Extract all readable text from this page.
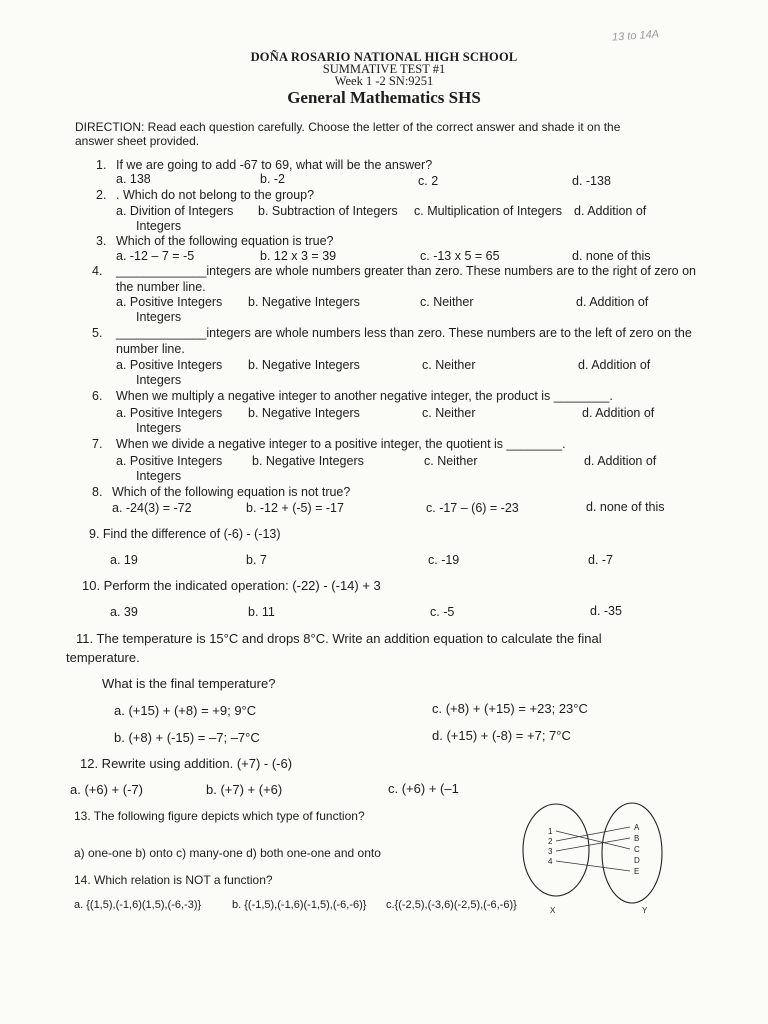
13 to 14A
DOÑA ROSARIO NATIONAL HIGH SCHOOL
SUMMATIVE TEST #1
Week 1 -2 SN:9251
General Mathematics SHS
DIRECTION: Read each question carefully. Choose the letter of the correct answer and shade it on the
answer sheet provided.
1. If we are going to add -67 to 69, what will be the answer?
a. 138	b. -2	c. 2	d. -138
2. . Which do not belong to the group?
a. Divition of Integers b. Subtraction of Integers c. Multiplication of Integers d. Addition of
Integers
3. Which of the following equation is true?
a. -12 – 7 = -5	b. 12 x 3 = 39	c. -13 x 5 = 65	d. none of this
4. _____________integers are whole numbers greater than zero. These numbers are to the right of zero on
the number line.
a. Positive Integers b. Negative Integers	c. Neither	d. Addition of
Integers
5. _____________integers are whole numbers less than zero. These numbers are to the left of zero on the
number line.
a. Positive Integers b. Negative Integers	c. Neither	d. Addition of
Integers
6. When we multiply a negative integer to another negative integer, the product is ________.
a. Positive Integers b. Negative Integers	c. Neither	d. Addition of
Integers
7. When we divide a negative integer to a positive integer, the quotient is ________.
a. Positive Integers b. Negative Integers	c. Neither	d. Addition of
Integers
8. Which of the following equation is not true?
a. -24(3) = -72	b. -12 + (-5) = -17	c. -17 – (6) = -23	d. none of this
9. Find the difference of (-6) - (-13)
a. 19	b. 7	c. -19	d. -7
10. Perform the indicated operation: (-22) - (-14) + 3
a. 39	b. 11	c. -5	d. -35
11. The temperature is 15°C and drops 8°C. Write an addition equation to calculate the final
temperature.
What is the final temperature?
a. (+15) + (+8) = +9; 9°C
b. (+8) + (-15) = –7; –7°C
c. (+8) + (+15) = +23; 23°C
d. (+15) + (-8) = +7; 7°C
12. Rewrite using addition. (+7) - (-6)
a. (+6) + (-7)	b. (+7) + (+6)	c. (+6) + (–1
13. The following figure depicts which type of function?
a) one-one b) onto c) many-one d) both one-one and onto
14. Which relation is NOT a function?
a. {(1,5),(-1,6)(1,5),(-6,-3)}	b. {(-1,5),(-1,6)(-1,5),(-6,-6)} c.{(-2,5),(-3,6)(-2,5),(-6,-6)}
1
2
3
4
A
B
C
D
E
X	Y
